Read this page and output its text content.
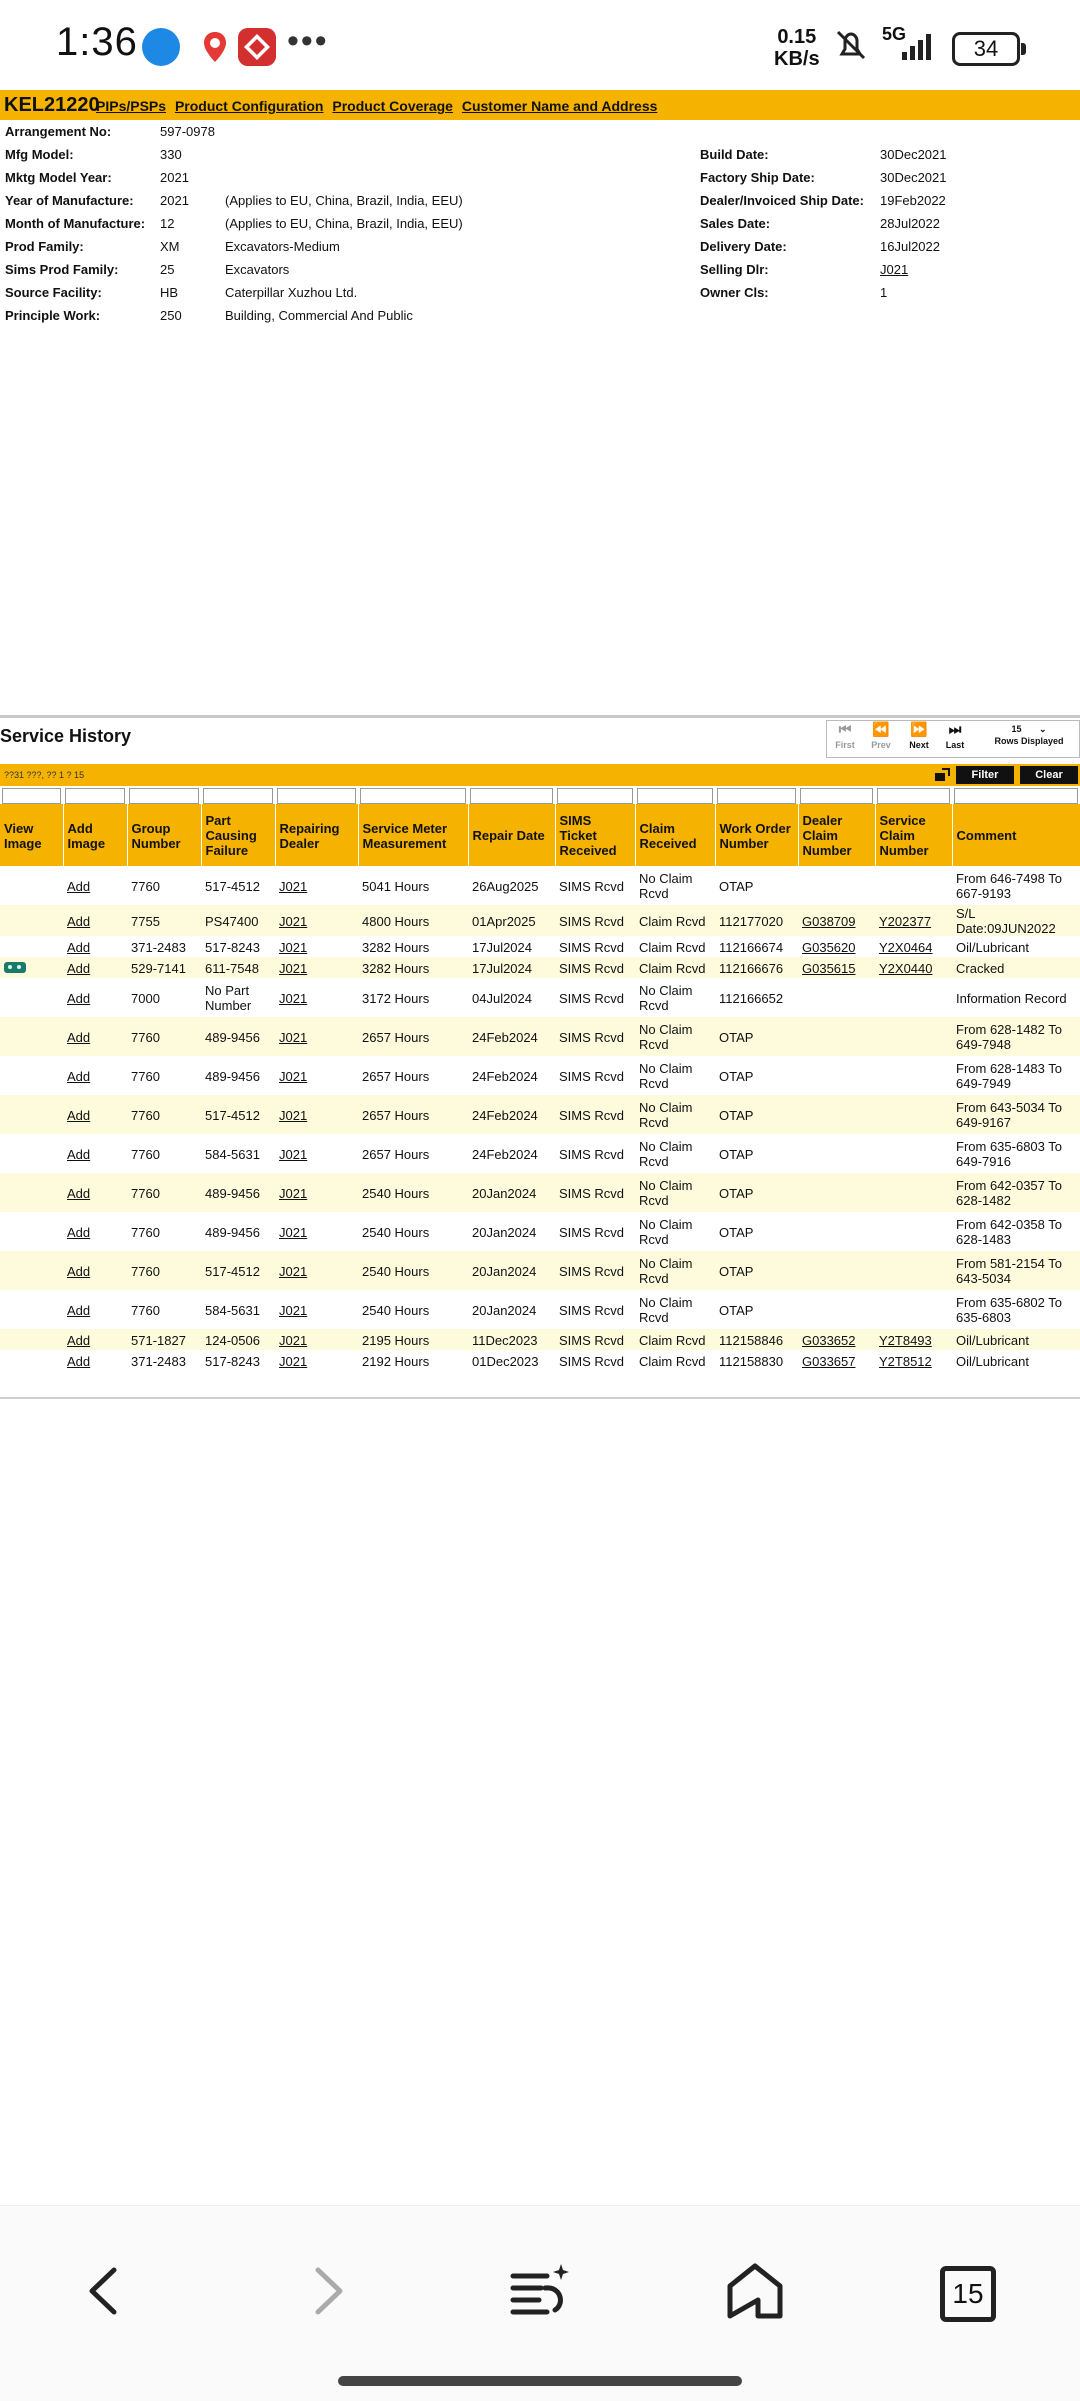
1:36	•••	0.15
KB/s
5G
34
KEL21220
PIPs/PSPs Product Configuration Product Coverage Customer Name and Address
Arrangement No:	597-0978
Mfg Model:	330
Mktg Model Year:	2021
Year of Manufacture: 2021	(Applies to EU, China, Brazil, India, EEU)
Month of Manufacture: 12	(Applies to EU, China, Brazil, India, EEU)
Prod Family:	XM	Excavators-Medium
Sims Prod Family:	25	Excavators
Source Facility:	HB	Caterpillar Xuzhou Ltd.
Principle Work:	250	Building, Commercial And Public
Build Date:	30Dec2021
Factory Ship Date:	30Dec2021
Dealer/Invoiced Ship Date: 19Feb2022
Sales Date:	28Jul2022
Delivery Date:	16Jul2022
Selling Dlr:	J021
Owner Cls:	1
Service History	⏮
First
⏪
Prev
⏩
Next
⏭
Last
15       ⌄
Rows Displayed
??31 ???, ?? 1 ? 15	Filter	Clear

View Image	Add Image	Group Number	Part Causing Failure	Repairing Dealer	Service Meter Measurement	Repair Date	SIMS Ticket Received	Claim Received	Work Order Number	Dealer Claim Number	Service Claim Number	Comment
	Add	7760	517-4512	J021	5041 Hours	26Aug2025	SIMS Rcvd	No Claim Rcvd	OTAP			From 646-7498 To 667-9193
	Add	7755	PS47400	J021	4800 Hours	01Apr2025	SIMS Rcvd	Claim Rcvd	112177020	G038709	Y202377	S/L Date:09JUN2022
	Add	371-2483	517-8243	J021	3282 Hours	17Jul2024	SIMS Rcvd	Claim Rcvd	112166674	G035620	Y2X0464	Oil/Lubricant
	Add	529-7141	611-7548	J021	3282 Hours	17Jul2024	SIMS Rcvd	Claim Rcvd	112166676	G035615	Y2X0440	Cracked
	Add	7000	No Part Number	J021	3172 Hours	04Jul2024	SIMS Rcvd	No Claim Rcvd	112166652			Information Record
	Add	7760	489-9456	J021	2657 Hours	24Feb2024	SIMS Rcvd	No Claim Rcvd	OTAP			From 628-1482 To 649-7948
	Add	7760	489-9456	J021	2657 Hours	24Feb2024	SIMS Rcvd	No Claim Rcvd	OTAP			From 628-1483 To 649-7949
	Add	7760	517-4512	J021	2657 Hours	24Feb2024	SIMS Rcvd	No Claim Rcvd	OTAP			From 643-5034 To 649-9167
	Add	7760	584-5631	J021	2657 Hours	24Feb2024	SIMS Rcvd	No Claim Rcvd	OTAP			From 635-6803 To 649-7916
	Add	7760	489-9456	J021	2540 Hours	20Jan2024	SIMS Rcvd	No Claim Rcvd	OTAP			From 642-0357 To 628-1482
	Add	7760	489-9456	J021	2540 Hours	20Jan2024	SIMS Rcvd	No Claim Rcvd	OTAP			From 642-0358 To 628-1483
	Add	7760	517-4512	J021	2540 Hours	20Jan2024	SIMS Rcvd	No Claim Rcvd	OTAP			From 581-2154 To 643-5034
	Add	7760	584-5631	J021	2540 Hours	20Jan2024	SIMS Rcvd	No Claim Rcvd	OTAP			From 635-6802 To 635-6803
	Add	571-1827	124-0506	J021	2195 Hours	11Dec2023	SIMS Rcvd	Claim Rcvd	112158846	G033652	Y2T8493	Oil/Lubricant
	Add	371-2483	517-8243	J021	2192 Hours	01Dec2023	SIMS Rcvd	Claim Rcvd	112158830	G033657	Y2T8512	Oil/Lubricant
15
